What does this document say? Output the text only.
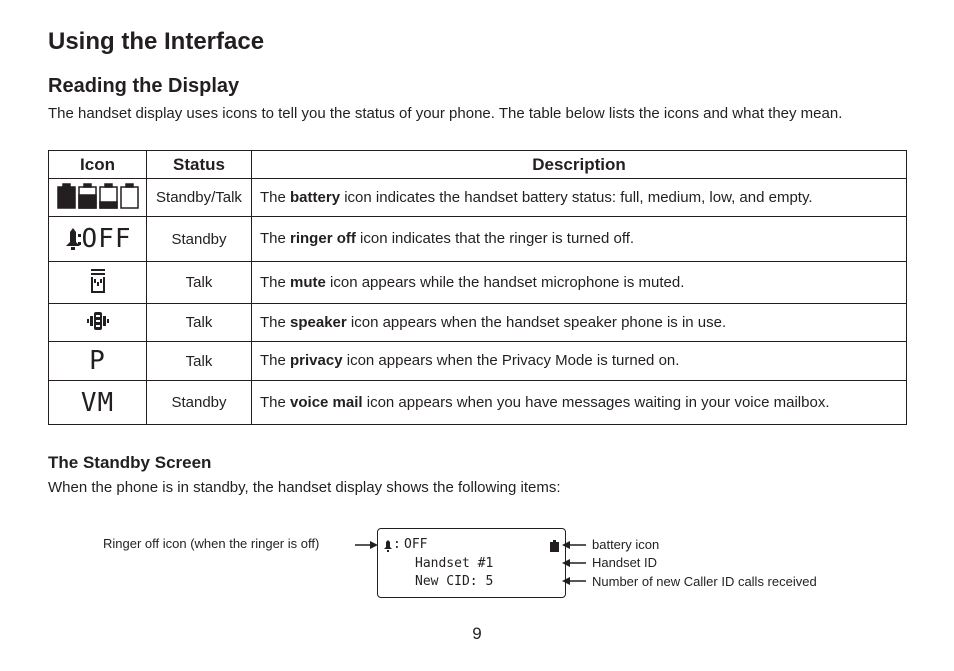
Using the Interface
Reading the Display
The handset display uses icons to tell you the status of your phone. The table below lists the icons and what they mean.
Icon	Status	Description
	Standby/Talk	The battery icon indicates the handset battery status: full, medium, low, and empty.
OFF	Standby	The ringer off icon indicates that the ringer is turned off.
	Talk	The mute icon appears while the handset microphone is muted.
	Talk	The speaker icon appears when the handset speaker phone is in use.
P	Talk	The privacy icon appears when the Privacy Mode is turned on.
VM	Standby	The voice mail icon appears when you have messages waiting in your voice mailbox.
The Standby Screen
When the phone is in standby, the handset display shows the following items:
: OFF
Handset #1
New CID: 5
Ringer off icon (when the ringer is off)	battery icon
Handset ID
Number of new Caller ID calls received
9
